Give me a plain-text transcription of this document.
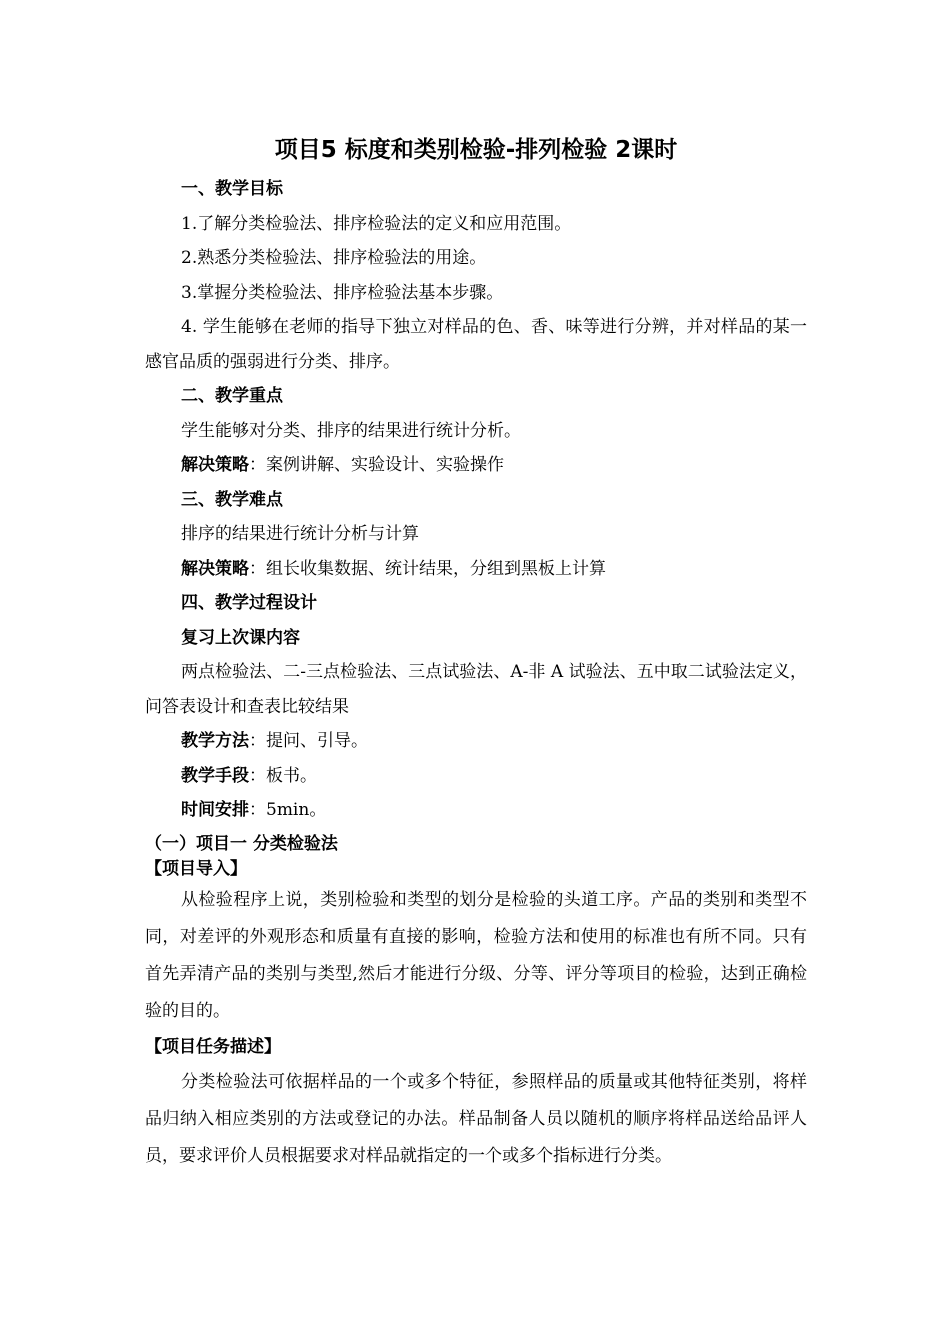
项目5 标度和类别检验-排列检验 2课时
一、教学目标
1.了解分类检验法、排序检验法的定义和应用范围。
2.熟悉分类检验法、排序检验法的用途。
3.掌握分类检验法、排序检验法基本步骤。
4. 学生能够在老师的指导下独立对样品的色、香、味等进行分辨，并对样品的某一感官品质的强弱进行分类、排序。
二、教学重点
学生能够对分类、排序的结果进行统计分析。
解决策略：案例讲解、实验设计、实验操作
三、教学难点
排序的结果进行统计分析与计算
解决策略：组长收集数据、统计结果，分组到黑板上计算
四、教学过程设计
复习上次课内容
两点检验法、二-三点检验法、三点试验法、A-非 A 试验法、五中取二试验法定义，问答表设计和查表比较结果
教学方法：提问、引导。
教学手段：板书。
时间安排：5min。
（一）项目一 分类检验法
【项目导入】
从检验程序上说，类别检验和类型的划分是检验的头道工序。产品的类别和类型不同，对差评的外观形态和质量有直接的影响，检验方法和使用的标准也有所不同。只有首先弄清产品的类别与类型,然后才能进行分级、分等、评分等项目的检验，达到正确检验的目的。
【项目任务描述】
分类检验法可依据样品的一个或多个特征，参照样品的质量或其他特征类别，将样品归纳入相应类别的方法或登记的办法。样品制备人员以随机的顺序将样品送给品评人员，要求评价人员根据要求对样品就指定的一个或多个指标进行分类。
